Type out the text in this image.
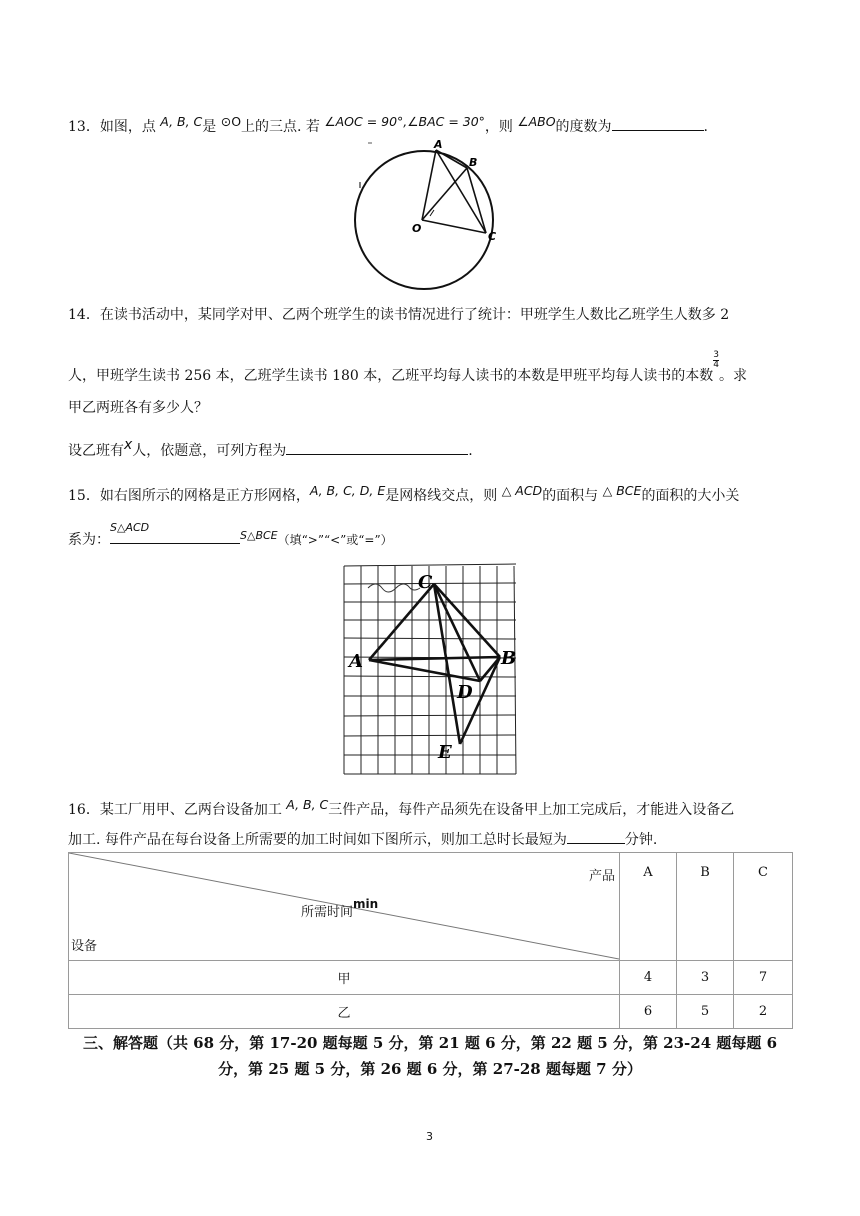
13．如图，点 A, B, C是 ⊙O上的三点. 若 ∠AOC = 90°,∠BAC = 30°，则 ∠ABO的度数为	.
A
B
C
O
14．在读书活动中，某同学对甲、乙两个班学生的读书情况进行了统计：甲班学生人数比乙班学生人数多 2
人，甲班学生读书 256 本，乙班学生读书 180 本，乙班平均每人读书的本数是甲班平均每人读书的本数$\frac{3}{4}$
。求
甲乙两班各有多少人？
设乙班有x人，依题意，可列方程为	.
15．如右图所示的网格是正方形网格，A, B, C, D, E是网格线交点，则 △ ACD的面积与 △ BCE的面积的大小关
系为：
S△ACD
$^{S\triangle BCE}$（填“>”“<”或“=”）
A	B
C
D
E
16．某工厂用甲、乙两台设备加工 A, B, C三件产品，每件产品须先在设备甲上加工完成后，才能进入设备乙
加工. 每件产品在每台设备上所需要的加工时间如下图所示，则加工总时长最短为	分钟.
产品
所需时间min
设备	A	B	C
甲	4	3	7
乙	6	5	2
三、解答题（共 68 分，第 17-20 题每题 5 分，第 21 题 6 分，第 22 题 5 分，第 23-24 题每题 6
分，第 25 题 5 分，第 26 题 6 分，第 27-28 题每题 7 分）
3
